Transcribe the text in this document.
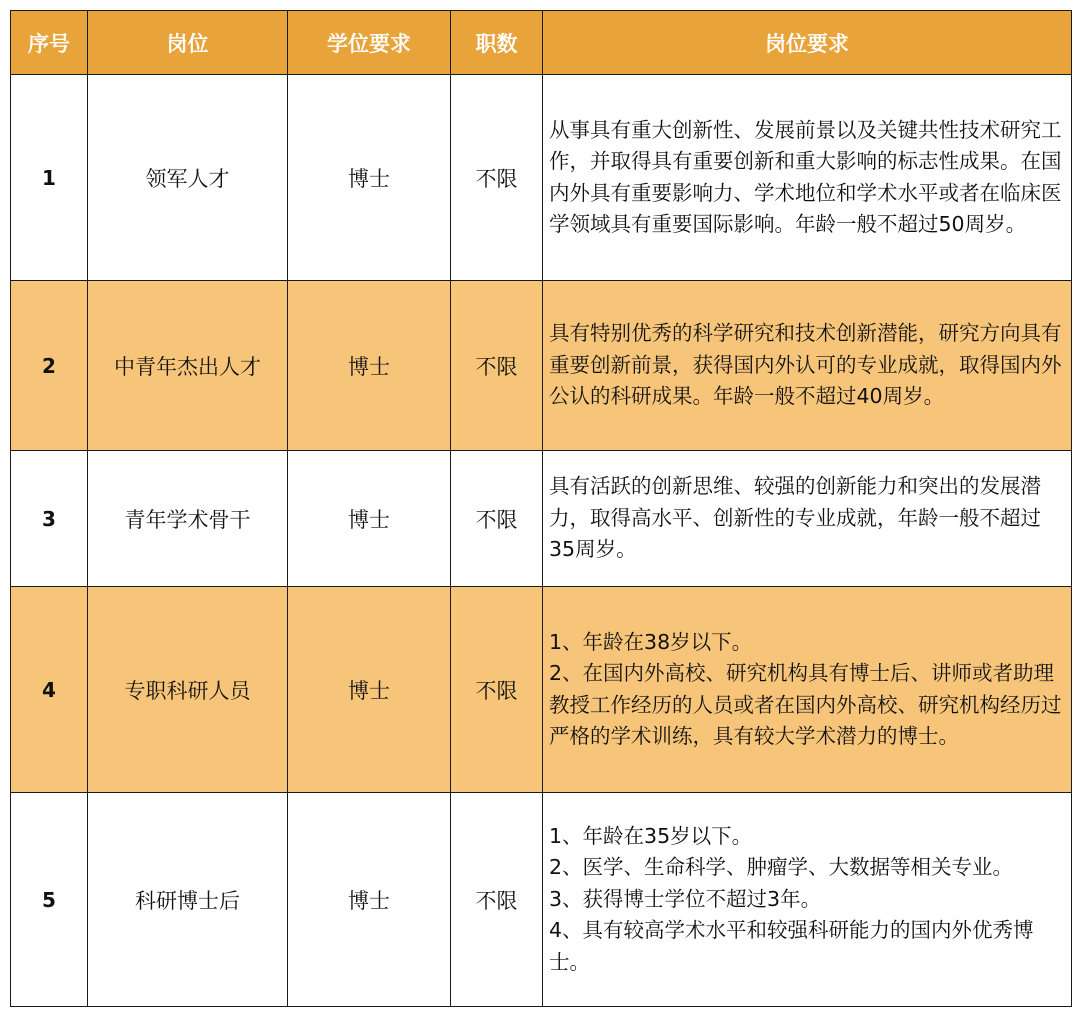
序号	岗位	学位要求	职数	岗位要求
1	领军人才	博士	不限	从事具有重大创新性、发展前景以及关键共性技术研究工作，并取得具有重要创新和重大影响的标志性成果。在国内外具有重要影响力、学术地位和学术水平或者在临床医学领域具有重要国际影响。年龄一般不超过50周岁。

2	中青年杰出人才	博士	不限	具有特别优秀的科学研究和技术创新潜能，研究方向具有重要创新前景，获得国内外认可的专业成就，取得国内外公认的科研成果。年龄一般不超过40周岁。

3	青年学术骨干	博士	不限	具有活跃的创新思维、较强的创新能力和突出的发展潜力，取得高水平、创新性的专业成就，年龄一般不超过35周岁。

4	专职科研人员	博士	不限	1、年龄在38岁以下。
2、在国内外高校、研究机构具有博士后、讲师或者助理教授工作经历的人员或者在国内外高校、研究机构经历过严格的学术训练，具有较大学术潜力的博士。

5	科研博士后	博士	不限	1、年龄在35岁以下。
2、医学、生命科学、肿瘤学、大数据等相关专业。
3、获得博士学位不超过3年。
4、具有较高学术水平和较强科研能力的国内外优秀博士。
